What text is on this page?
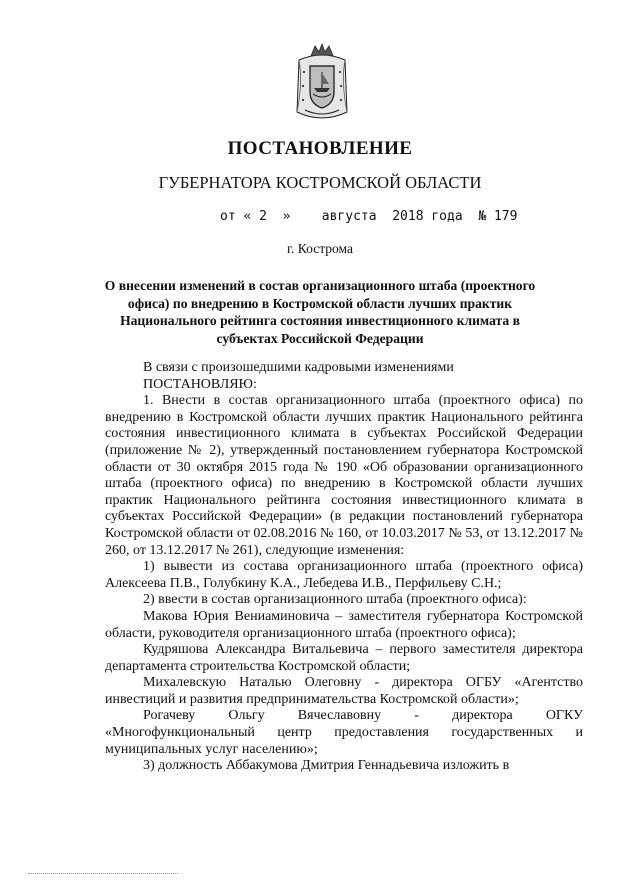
ПОСТАНОВЛЕНИЕ
ГУБЕРНАТОРА КОСТРОМСКОЙ ОБЛАСТИ
от « 2 » августа 2018 года № 179
г. Кострома
О внесении изменений в состав организационного штаба (проектного офиса) по внедрению в Костромской области лучших практик Национального рейтинга состояния инвестиционного климата в субъектах Российской Федерации

В связи с произошедшими кадровыми изменениями

ПОСТАНОВЛЯЮ:

1. Внести в состав организационного штаба (проектного офиса) по внедрению в Костромской области лучших практик Национального рейтинга состояния инвестиционного климата в субъектах Российской Федерации (приложение № 2), утвержденный постановлением губернатора Костромской области от 30 октября 2015 года № 190 «Об образовании организационного штаба (проектного офиса) по внедрению в Костромской области лучших практик Национального рейтинга состояния инвестиционного климата в субъектах Российской Федерации» (в редакции постановлений губернатора Костромской области от 02.08.2016 № 160, от 10.03.2017 № 53, от 13.12.2017 № 260, от 13.12.2017 № 261), следующие изменения:

1) вывести из состава организационного штаба (проектного офиса) Алексеева П.В., Голубкину К.А., Лебедева И.В., Перфильеву С.Н.;

2) ввести в состав организационного штаба (проектного офиса):

Макова Юрия Вениаминовича – заместителя губернатора Костромской области, руководителя организационного штаба (проектного офиса);

Кудряшова Александра Витальевича – первого заместителя директора департамента строительства Костромской области;

Михалевскую Наталью Олеговну - директора ОГБУ «Агентство инвестиций и развития предпринимательства Костромской области»;

Рогачеву Ольгу Вячеславовну - директора ОГКУ «Многофункциональный центр предоставления государственных и муниципальных услуг населению»;

3) должность Аббакумова Дмитрия Геннадьевича изложить в
